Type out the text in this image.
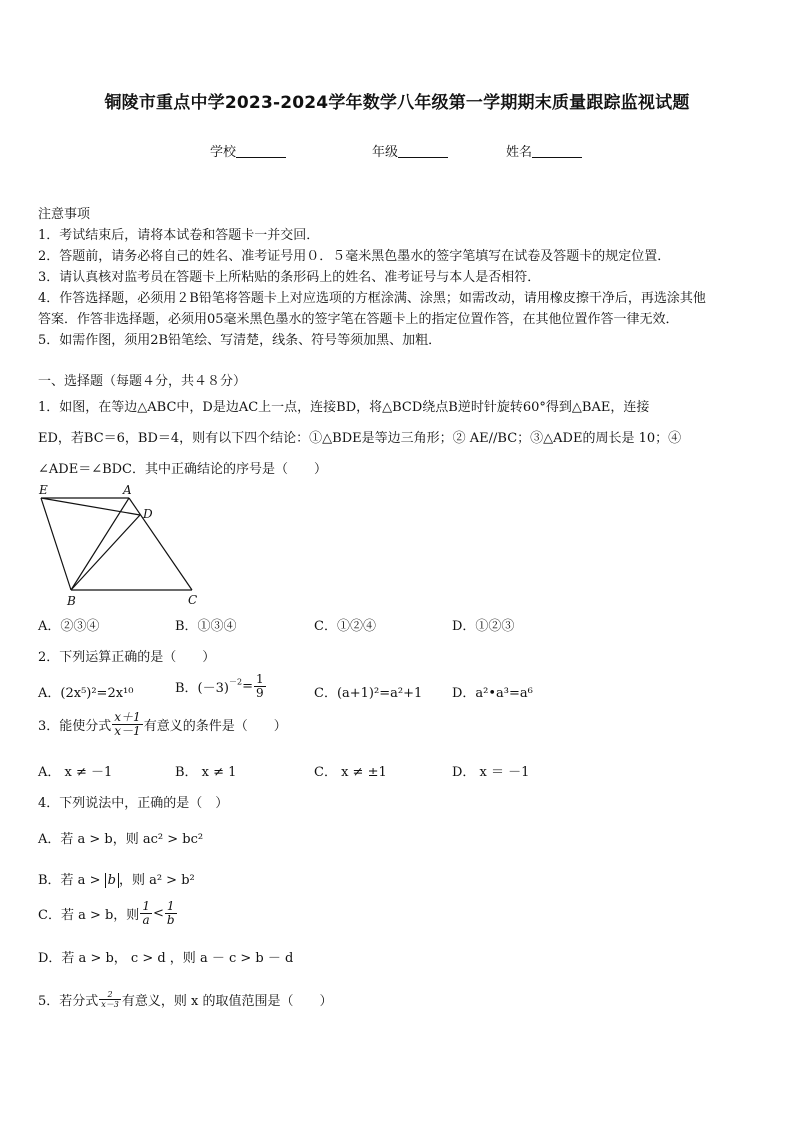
铜陵市重点中学2023-2024学年数学八年级第一学期期末质量跟踪监视试题
学校	年级	姓名
注意事项
1．考试结束后，请将本试卷和答题卡一并交回．
2．答题前，请务必将自己的姓名、准考证号用０．５毫米黑色墨水的签字笔填写在试卷及答题卡的规定位置．
3．请认真核对监考员在答题卡上所粘贴的条形码上的姓名、准考证号与本人是否相符．
4．作答选择题，必须用２B铅笔将答题卡上对应选项的方框涂满、涂黑；如需改动，请用橡皮擦干净后，再选涂其他
答案．作答非选择题，必须用05毫米黑色墨水的签字笔在答题卡上的指定位置作答，在其他位置作答一律无效．
5．如需作图，须用2B铅笔绘、写清楚，线条、符号等须加黑、加粗．
一、选择题（每题４分，共４８分）
1．如图，在等边△ABC中，D是边AC上一点，连接BD，将△BCD绕点B逆时针旋转60°得到△BAE，连接
ED，若BC＝6，BD＝4，则有以下四个结论：①△BDE是等边三角形；② AE//BC；③△ADE的周长是 10；④
∠ADE＝∠BDC．其中正确结论的序号是（　　）
E	A
D
B	C
A．②③④	B．①③④	C．①②④	D．①②③
2．下列运算正确的是（　　）
A．(2x⁵)²=2x¹⁰	B．$(-3)^{-2}= \frac{1}{9}$	C．(a+1)²=a²+1 D．a²•a³=a⁶
3．能使分式 $\frac{x+1}{x-1}$ 有意义的条件是（　　）
A． x ≠ －1	B． x ≠ 1	C． x ≠ ±1	D． x ＝ －1
4．下列说法中，正确的是（　）
A．若 a > b，则 ac² > bc²
B．若 a > b ，则 a² > b²
C．若 a > b，则 $\frac{1}{a} < \frac{1}{b}$
D．若 a > b， c > d ，则 a － c > b － d
5．若分式 $\frac{2}{x-3}$ 有意义，则 x 的取值范围是（　　）
